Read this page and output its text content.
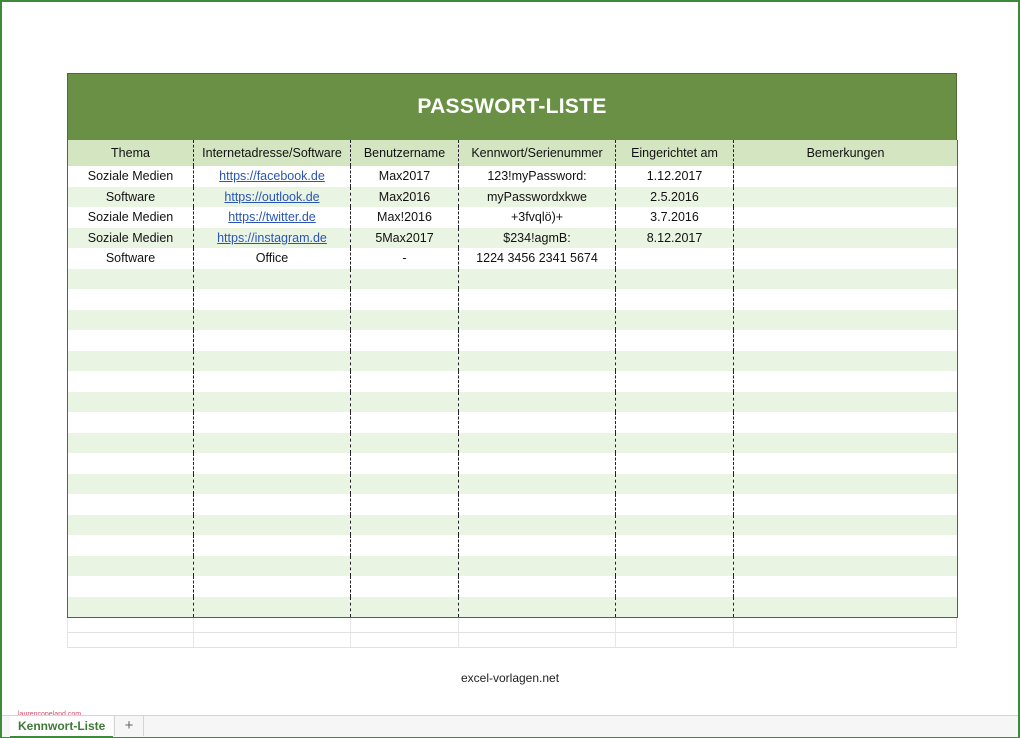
PASSWORT-LISTE
Thema	Internetadresse/Software	Benutzername	Kennwort/Serienummer	Eingerichtet am	Bemerkungen
Soziale Medien	https://facebook.de	Max2017	123!myPassword:	1.12.2017	
Software	https://outlook.de	Max2016	myPasswordxkwe	2.5.2016	
Soziale Medien	https://twitter.de	Max!2016	+3fvqlö)+	3.7.2016	
Soziale Medien	https://instagram.de	5Max2017	$234!agmB:	8.12.2017	
Software	Office	-	1224 3456 2341 5674		

excel-vorlagen.net
Kennwort-Liste	+
